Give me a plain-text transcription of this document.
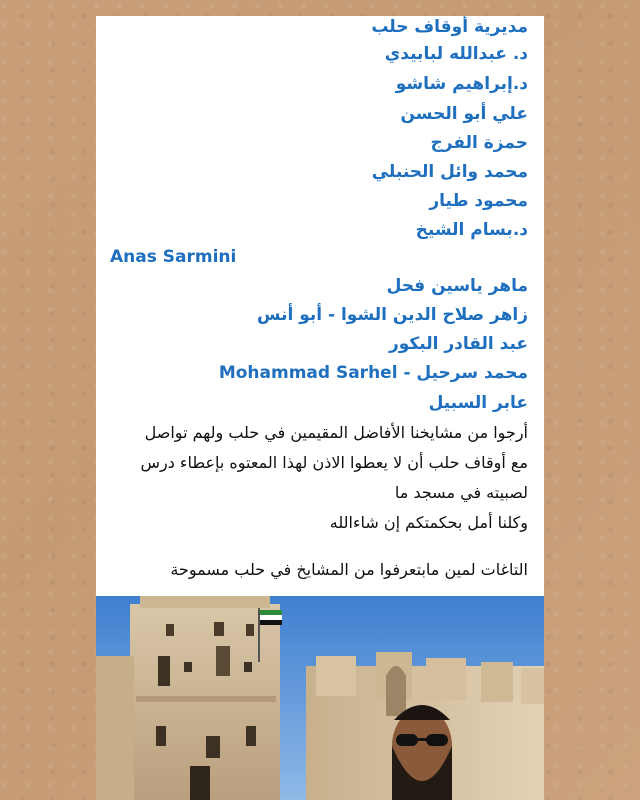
مديرية أوقاف حلب
د. عبدالله لبابيدي
د.إبراهيم شاشو
علي أبو الحسن
حمزة الفرج
محمد وائل الحنبلي
محمود طيار
د.بسام الشيخ
Anas Sarmini
ماهر ياسين فحل
زاهر صلاح الدين الشوا - أبو أنس
عبد القادر البكور
محمد سرحيل - Mohammad Sarhel
عابر السبيل
أرجوا من مشايخنا الأفاضل المقيمين في حلب ولهم تواصل
مع أوقاف حلب أن لا يعطوا الاذن لهذا المعتوه بإعطاء درس
لصبيته في مسجد ما
وكلنا أمل بحكمتكم إن شاءالله
التاغات لمين مابتعرفوا من المشايخ في حلب مسموحة
